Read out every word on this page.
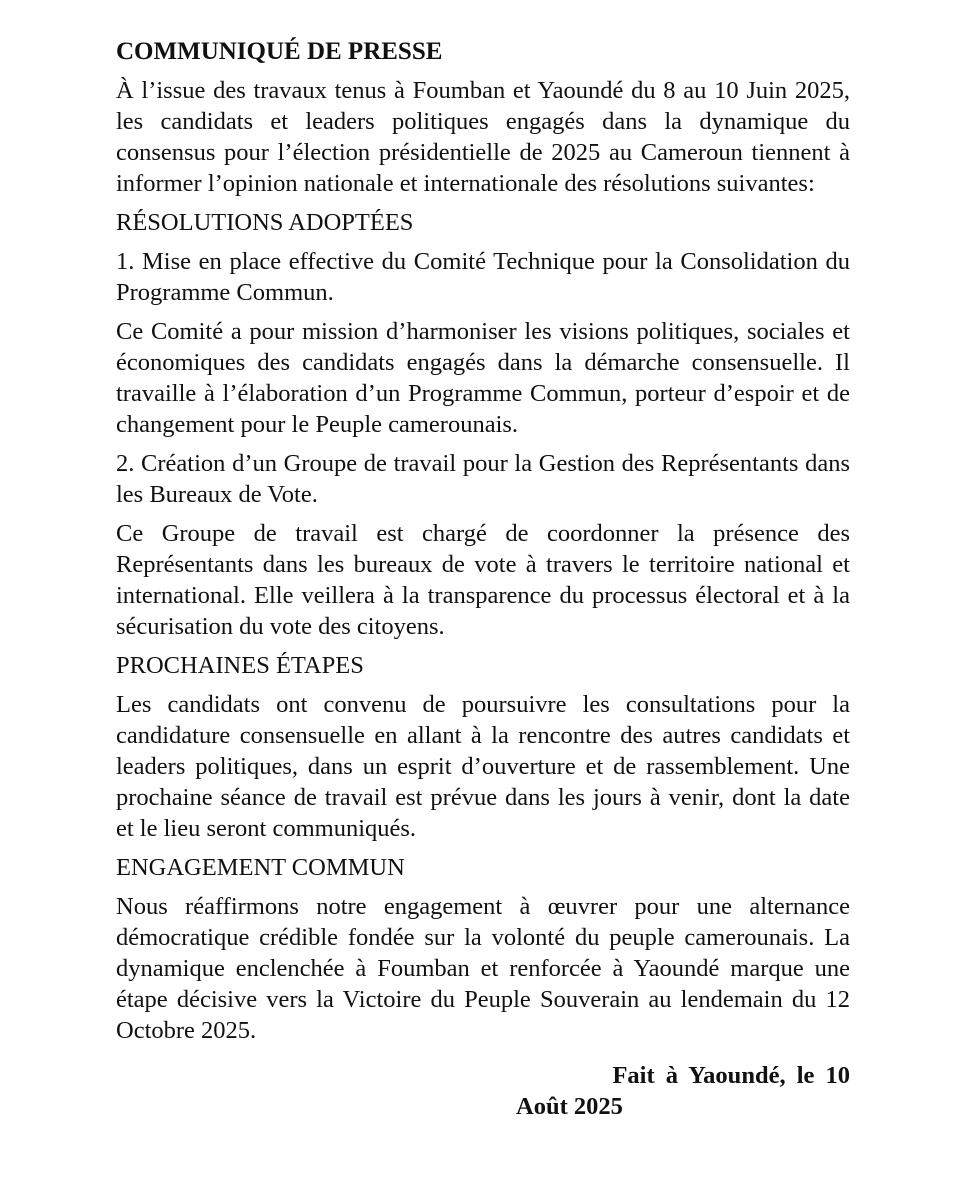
COMMUNIQUÉ DE PRESSE

À l’issue des travaux tenus à Foumban et Yaoundé du 8 au 10 Juin 2025, les candidats et leaders politiques engagés dans la dynamique du consensus pour l’élection présidentielle de 2025 au Cameroun tiennent à informer l’opinion nationale et internationale des résolutions suivantes:

RÉSOLUTIONS ADOPTÉES

1. Mise en place effective du Comité Technique pour la Consolidation du Programme Commun.

Ce Comité a pour mission d’harmoniser les visions politiques, sociales et économiques des candidats engagés dans la démarche consensuelle. Il travaille à l’élaboration d’un Programme Commun, porteur d’espoir et de changement pour le Peuple camerounais.

2. Création d’un Groupe de travail pour la Gestion des Représentants dans les Bureaux de Vote.

Ce Groupe de travail est chargé de coordonner la présence des Représentants dans les bureaux de vote à travers le territoire national et international. Elle veillera à la transparence du processus électoral et à la sécurisation du vote des citoyens.

PROCHAINES ÉTAPES

Les candidats ont convenu de poursuivre les consultations pour la candidature consensuelle en allant à la rencontre des autres candidats et leaders politiques, dans un esprit d’ouverture et de rassemblement. Une prochaine séance de travail est prévue dans les jours à venir, dont la date et le lieu seront communiqués.

ENGAGEMENT COMMUN

Nous réaffirmons notre engagement à œuvrer pour une alternance démocratique crédible fondée sur la volonté du peuple camerounais. La dynamique enclenchée à Foumban et renforcée à Yaoundé marque une étape décisive vers la Victoire du Peuple Souverain au lendemain du 12 Octobre 2025.

Fait à Yaoundé, le 10
Août 2025
